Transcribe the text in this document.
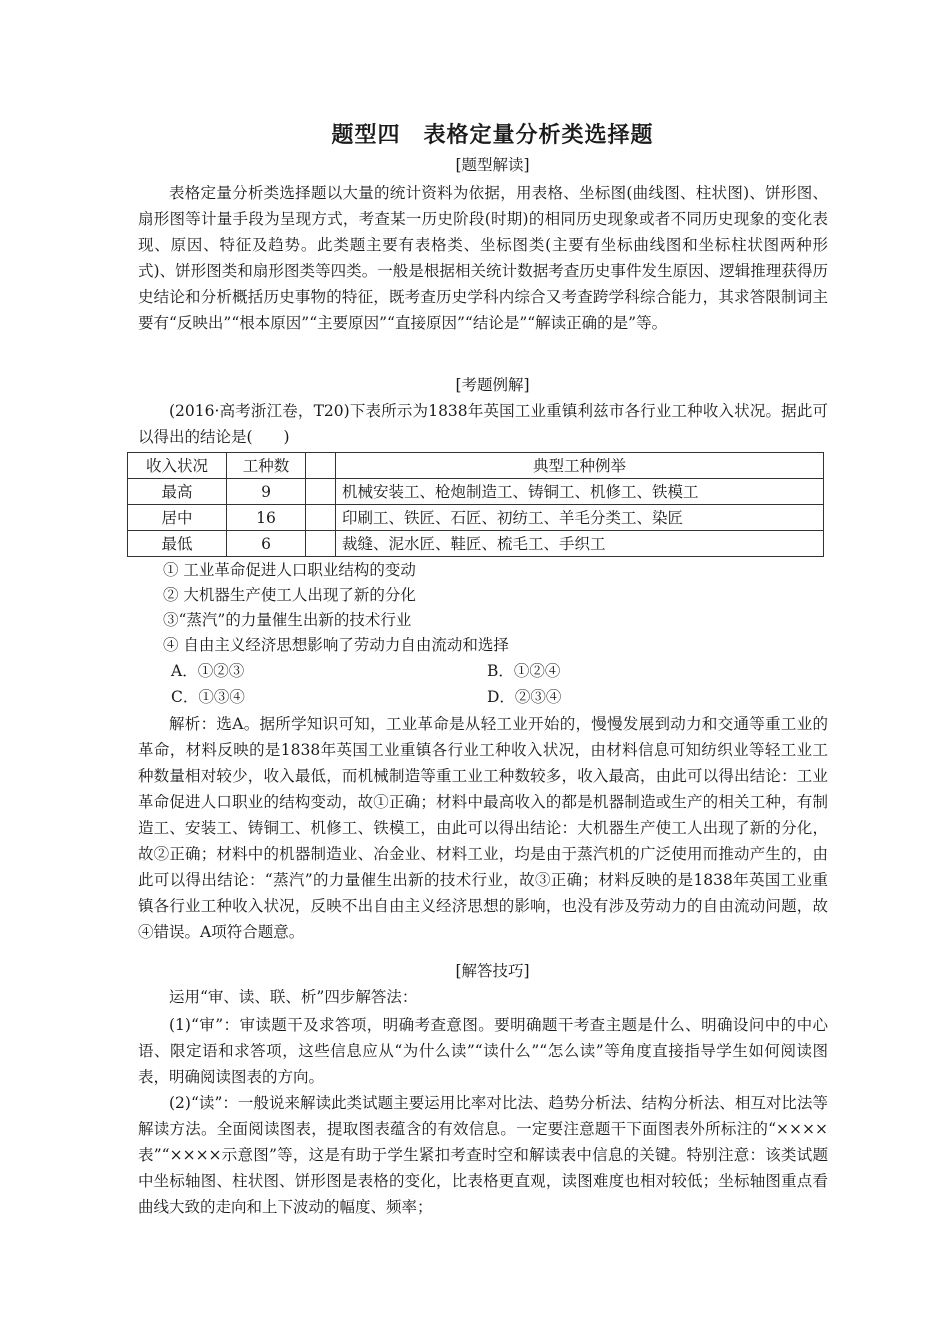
题型四　表格定量分析类选择题
[题型解读]
表格定量分析类选择题以大量的统计资料为依据，用表格、坐标图(曲线图、柱状图)、饼形图、扇形图等计量手段为呈现方式，考查某一历史阶段(时期)的相同历史现象或者不同历史现象的变化表现、原因、特征及趋势。此类题主要有表格类、坐标图类(主要有坐标曲线图和坐标柱状图两种形式)、饼形图类和扇形图类等四类。一般是根据相关统计数据考查历史事件发生原因、逻辑推理获得历史结论和分析概括历史事物的特征，既考查历史学科内综合又考查跨学科综合能力，其求答限制词主要有“反映出”“根本原因”“主要原因”“直接原因”“结论是”“解读正确的是”等。
[考题例解]
(2016·高考浙江卷，T20)下表所示为1838年英国工业重镇利兹市各行业工种收入状况。据此可以得出的结论是(　　)
收入状况	工种数		典型工种例举
最高	9		机械安装工、枪炮制造工、铸铜工、机修工、铁模工
居中	16		印刷工、铁匠、石匠、初纺工、羊毛分类工、染匠
最低	6		裁缝、泥水匠、鞋匠、梳毛工、手织工
① 工业革命促进人口职业结构的变动
② 大机器生产使工人出现了新的分化
③“蒸汽”的力量催生出新的技术行业
④ 自由主义经济思想影响了劳动力自由流动和选择
A．①②③	B．①②④
C．①③④	D．②③④
解析：选A。据所学知识可知，工业革命是从轻工业开始的，慢慢发展到动力和交通等重工业的革命，材料反映的是1838年英国工业重镇各行业工种收入状况，由材料信息可知纺织业等轻工业工种数量相对较少，收入最低，而机械制造等重工业工种数较多，收入最高，由此可以得出结论：工业革命促进人口职业的结构变动，故①正确；材料中最高收入的都是机器制造或生产的相关工种，有制造工、安装工、铸铜工、机修工、铁模工，由此可以得出结论：大机器生产使工人出现了新的分化，故②正确；材料中的机器制造业、冶金业、材料工业，均是由于蒸汽机的广泛使用而推动产生的，由此可以得出结论：“蒸汽”的力量催生出新的技术行业，故③正确；材料反映的是1838年英国工业重镇各行业工种收入状况，反映不出自由主义经济思想的影响，也没有涉及劳动力的自由流动问题，故④错误。A项符合题意。
[解答技巧]
运用“审、读、联、析”四步解答法：
(1)“审”：审读题干及求答项，明确考查意图。要明确题干考查主题是什么、明确设问中的中心语、限定语和求答项，这些信息应从“为什么读”“读什么”“怎么读”等角度直接指导学生如何阅读图表，明确阅读图表的方向。
(2)“读”：一般说来解读此类试题主要运用比率对比法、趋势分析法、结构分析法、相互对比法等解读方法。全面阅读图表，提取图表蕴含的有效信息。一定要注意题干下面图表外所标注的“××××表”“××××示意图”等，这是有助于学生紧扣考查时空和解读表中信息的关键。特别注意：该类试题中坐标轴图、柱状图、饼形图是表格的变化，比表格更直观，读图难度也相对较低；坐标轴图重点看曲线大致的走向和上下波动的幅度、频率；
